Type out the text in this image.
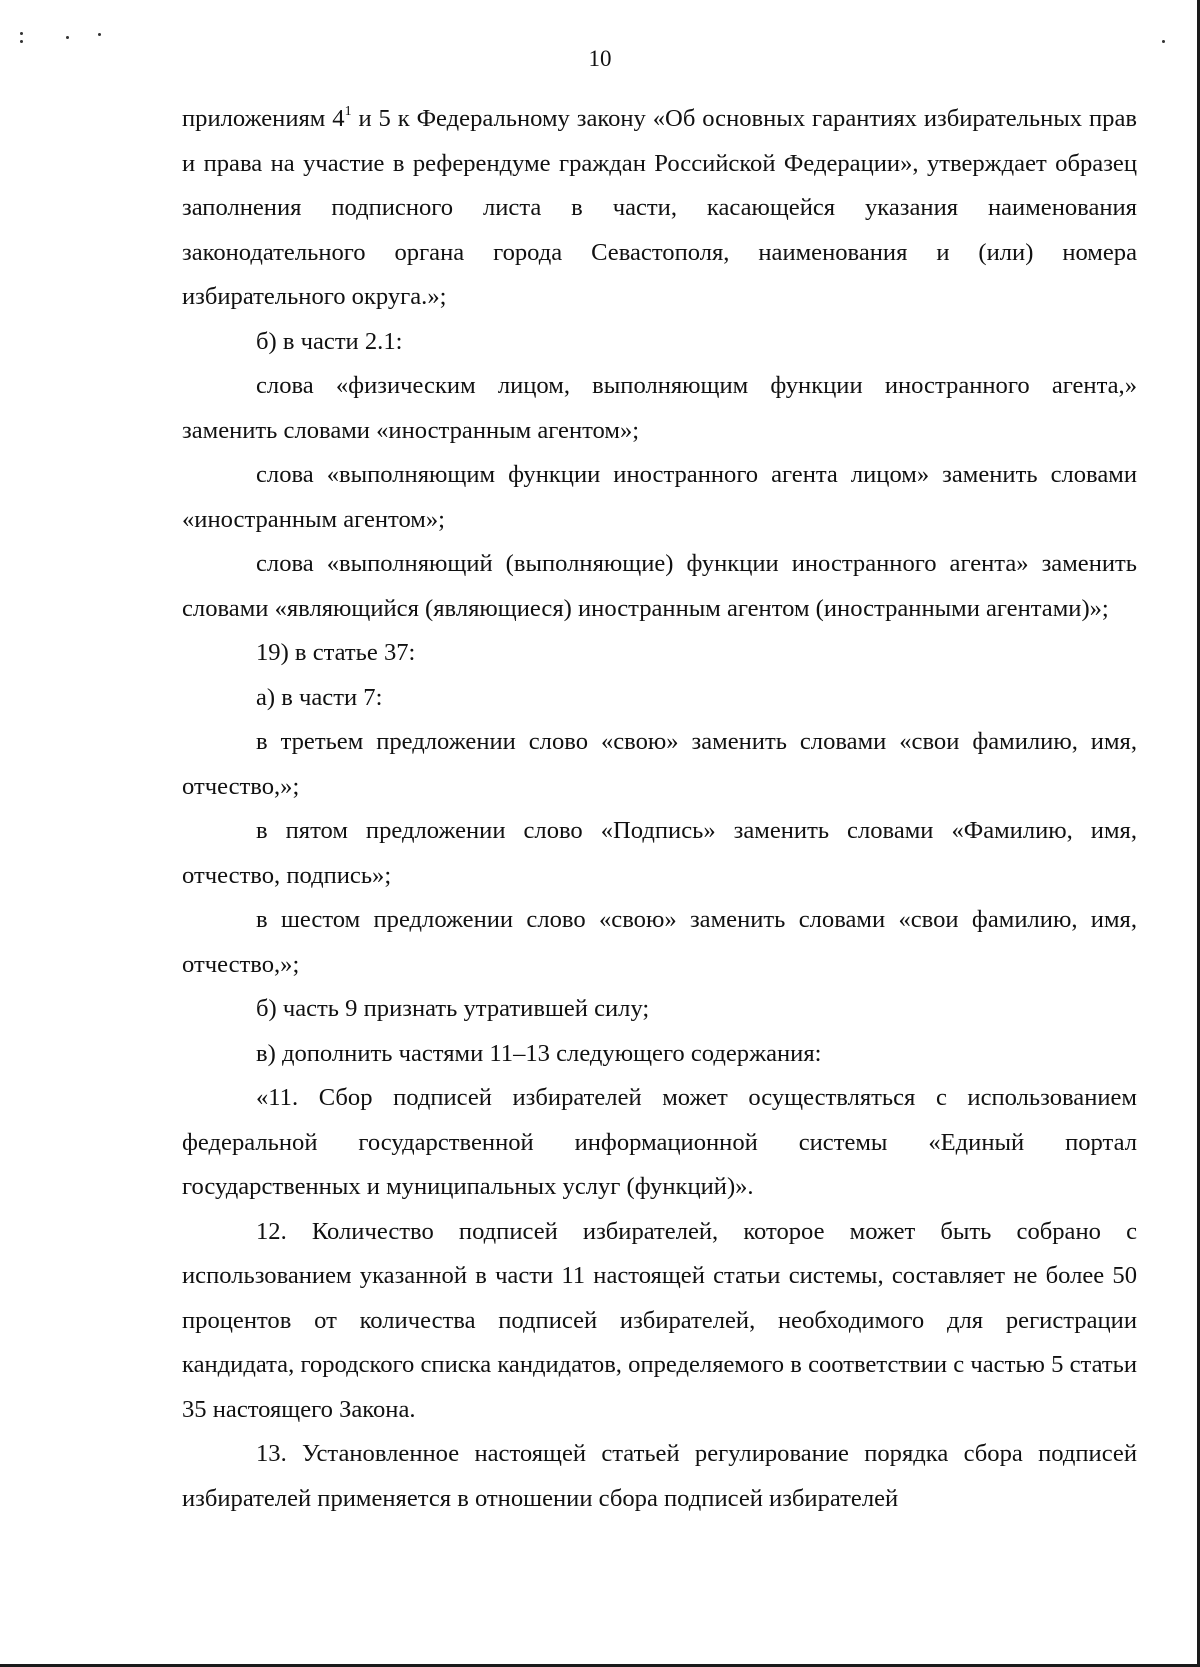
10

приложениям $4^1$ и 5 к Федеральному закону «Об основных гарантиях избирательных прав и права на участие в референдуме граждан Российской Федерации», утверждает образец заполнения подписного листа в части, касающейся указания наименования законодательного органа города Севастополя, наименования и (или) номера избирательного округа.»;

б) в части 2.1:

слова «физическим лицом, выполняющим функции иностранного агента,» заменить словами «иностранным агентом»;

слова «выполняющим функции иностранного агента лицом» заменить словами «иностранным агентом»;

слова «выполняющий (выполняющие) функции иностранного агента» заменить словами «являющийся (являющиеся) иностранным агентом (иностранными агентами)»;

19) в статье 37:

а) в части 7:

в третьем предложении слово «свою» заменить словами «свои фамилию, имя, отчество,»;

в пятом предложении слово «Подпись» заменить словами «Фамилию, имя, отчество, подпись»;

в шестом предложении слово «свою» заменить словами «свои фамилию, имя, отчество,»;

б) часть 9 признать утратившей силу;

в) дополнить частями 11–13 следующего содержания:

«11. Сбор подписей избирателей может осуществляться с использованием федеральной государственной информационной системы «Единый портал государственных и муниципальных услуг (функций)».

12. Количество подписей избирателей, которое может быть собрано с использованием указанной в части 11 настоящей статьи системы, составляет не более 50 процентов от количества подписей избирателей, необходимого для регистрации кандидата, городского списка кандидатов, определяемого в соответствии с частью 5 статьи 35 настоящего Закона.

13. Установленное настоящей статьей регулирование порядка сбора подписей избирателей применяется в отношении сбора подписей избирателей
